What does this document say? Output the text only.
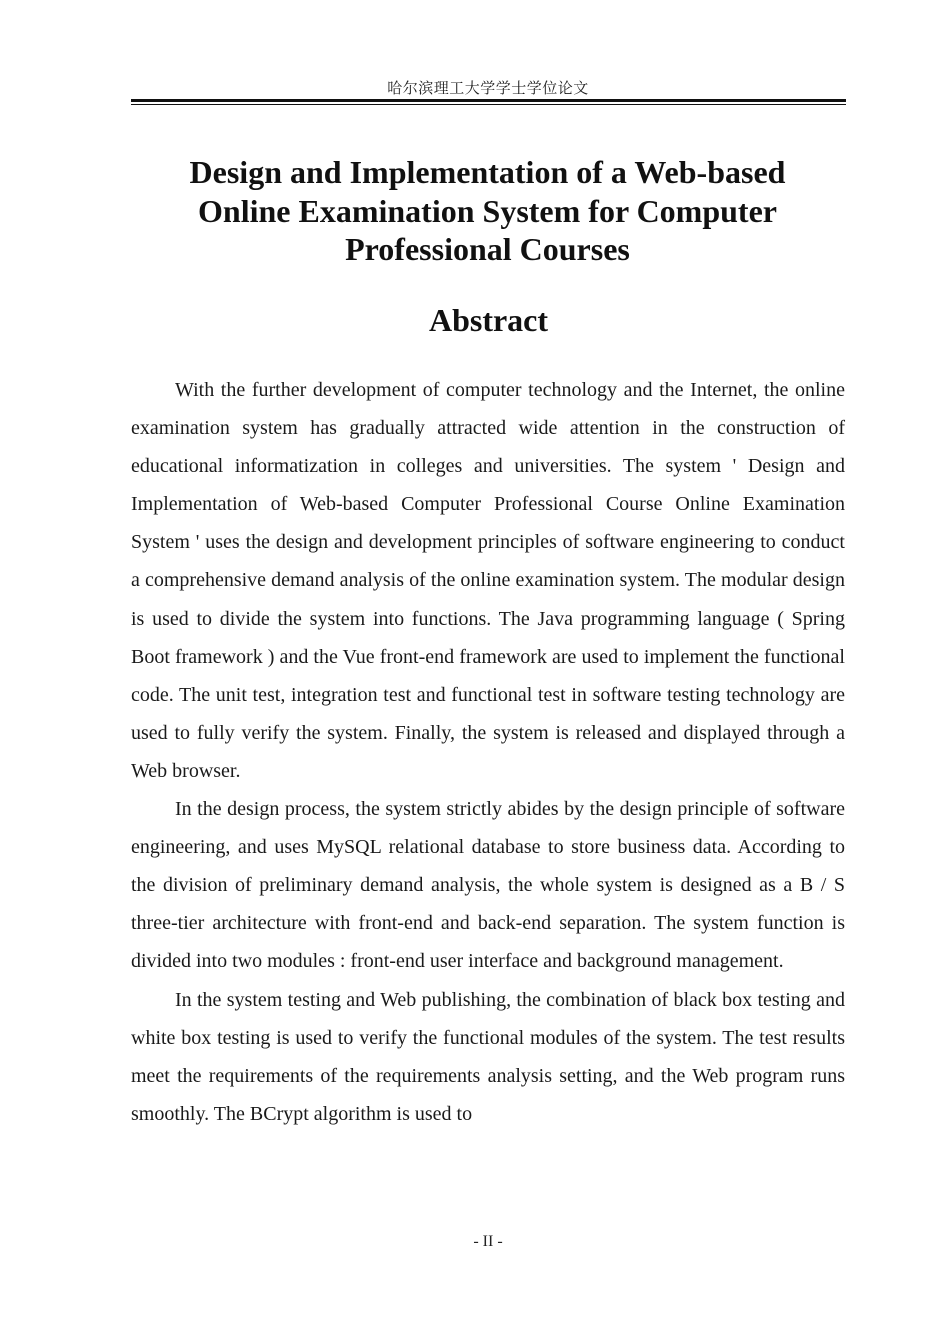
哈尔滨理工大学学士学位论文
Design and Implementation of a Web-based Online Examination System for Computer Professional Courses
Abstract

With the further development of computer technology and the Internet, the online examination system has gradually attracted wide attention in the construction of educational informatization in colleges and universities. The system ' Design and Implementation of Web-based Computer Professional Course Online Examination System ' uses the design and development principles of software engineering to conduct a comprehensive demand analysis of the online examination system. The modular design is used to divide the system into functions. The Java programming language ( Spring Boot framework ) and the Vue front-end framework are used to implement the functional code. The unit test, integration test and functional test in software testing technology are used to fully verify the system. Finally, the system is released and displayed through a Web browser.

In the design process, the system strictly abides by the design principle of software engineering, and uses MySQL relational database to store business data. According to the division of preliminary demand analysis, the whole system is designed as a B / S three-tier architecture with front-end and back-end separation. The system function is divided into two modules : front-end user interface and background management.

In the system testing and Web publishing, the combination of black box testing and white box testing is used to verify the functional modules of the system. The test results meet the requirements of the requirements analysis setting, and the Web program runs smoothly. The BCrypt algorithm is used to

- II -
